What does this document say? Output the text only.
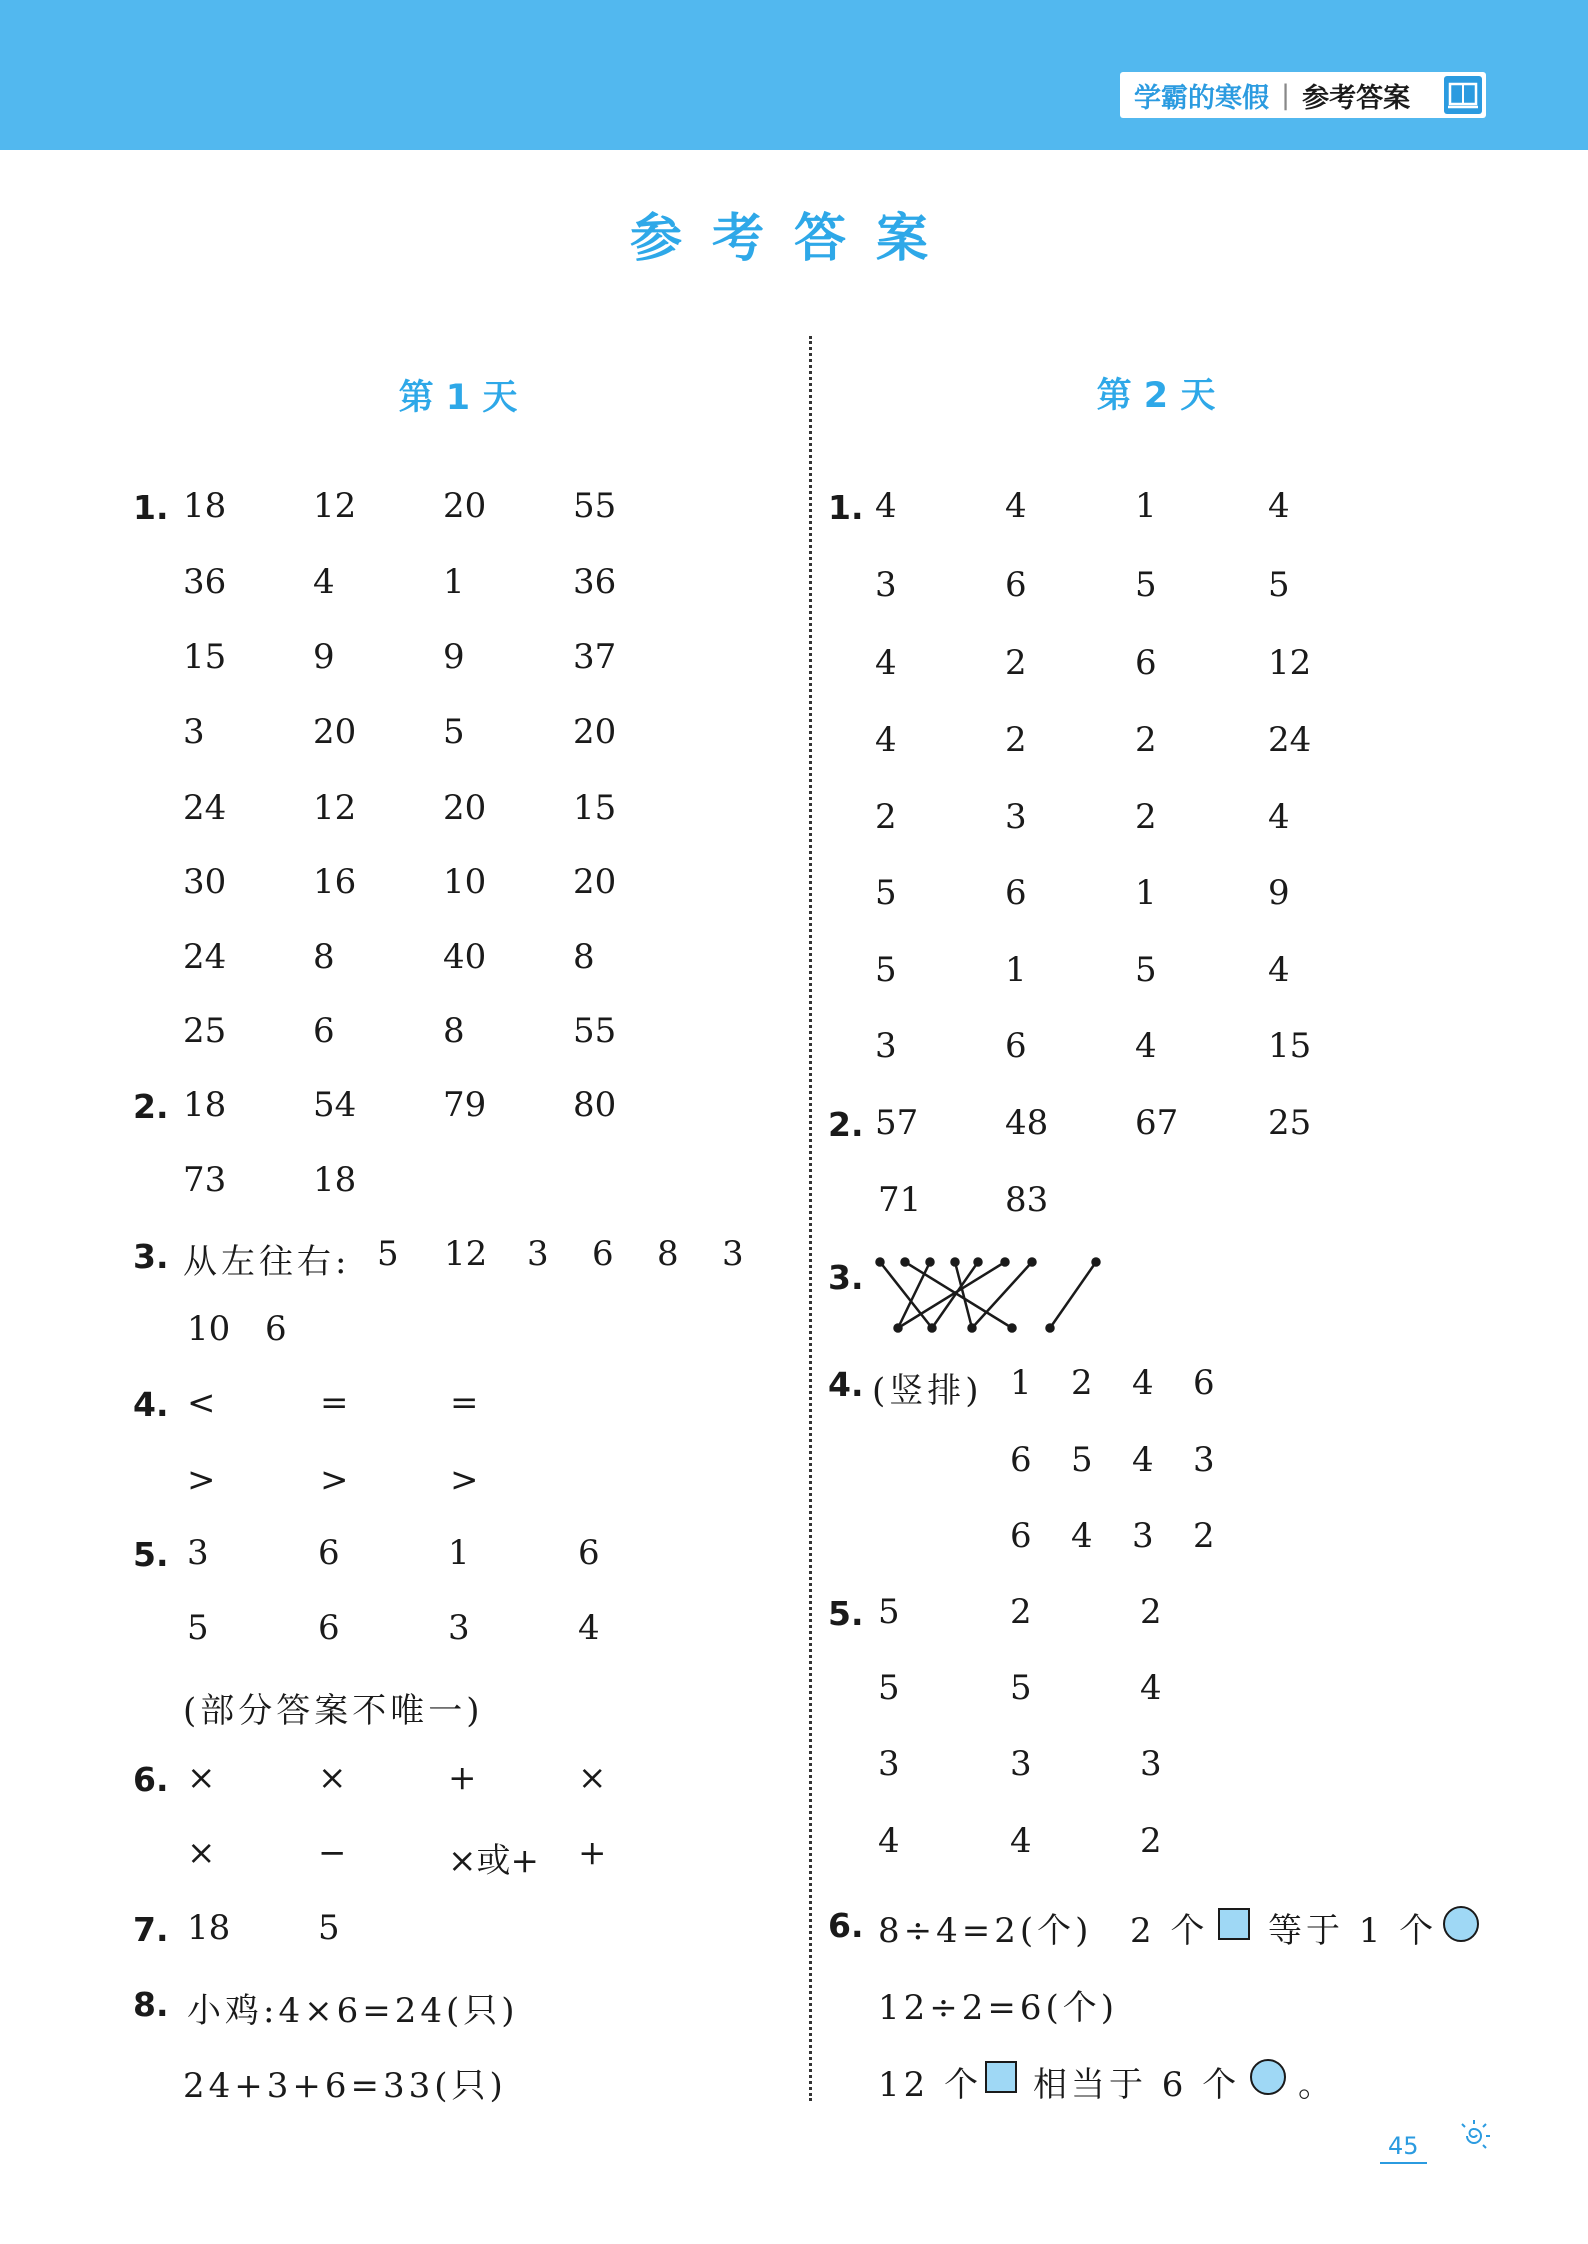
学霸的寒假 | 参考答案
参考答案
第 1 天
1. 18	12	20	55
36	4	1	36
15	9	9	37
3	20	5	20
24	12	20	15
30	16	10	20
24	8	40	8
25	6	8	55
2. 18	54	79	80
73	18
3. 从左往右: 5 12 3 6 8 3
10 6
4. <	=	=
>	>	>
5. 3	6	1	6
5	6	3	4
(部分答案不唯一)
6. ×	×	+	×
×	−	×或+ +
7. 18	5
8. 小鸡:4×6=24(只)
24+3+6=33(只)
第 2 天
1. 4	4	1	4
3	6	5	5
4	2	6	12
4	2	2	24
2	3	2	4
5	6	1	9
5	1	5	4
3	6	4	15
2. 57	48	67	25
71 83
3.
4. (竖排) 1 2 4 6
6 5 4 3
6 4 3 2
5. 5	2	2
5	5	4
3	3	3
4	4	2
6. 8÷4=2(个) 2 个 等于 1 个
12÷2=6(个)
12 个 相当于 6 个 。
45
